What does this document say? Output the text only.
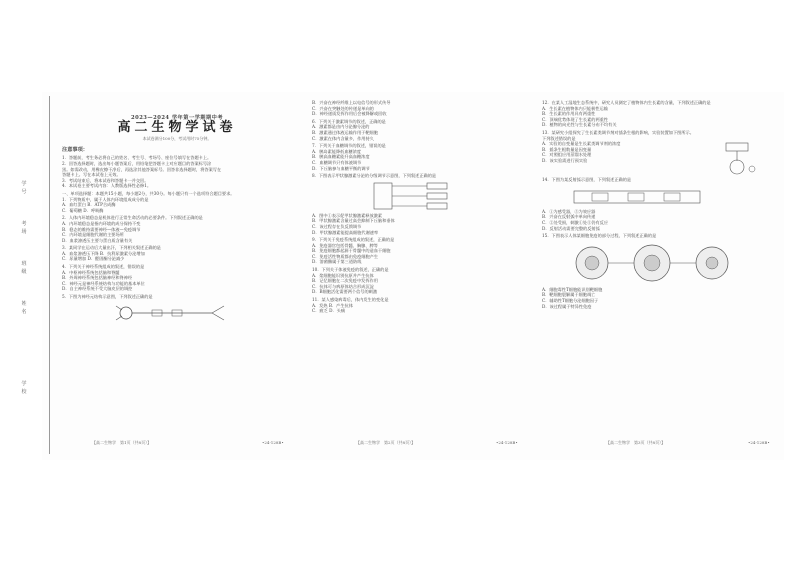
学
号
考
场
班
级
姓
名
学
校
2023—2024 学年第一学期期中考
高二生物学试卷
本试卷满分100分，考试用时75分钟。
注意事项：
1．答题前，考生务必将自己的姓名、考生号、考场号、座位号填写在答题卡上。
2．回答选择题时，选出每小题答案后，用铅笔把答题卡上对应题目的答案标号涂
黑。如需改动，用橡皮擦干净后，再选涂其他答案标号。回答非选择题时，将答案写在
答题卡上。写在本试卷上无效。
3．考试结束后，将本试卷和答题卡一并交回。
4．本试卷主要考试内容：人教版选择性必修1。
一、单项选择题：本题共15小题，每小题2分，共30分。每小题只有一个选项符合题目要求。
1．下列物质中，属于人体内环境组成成分的是
A．血红蛋白 B．ATP合成酶
C．葡萄糖 D．呼吸酶
2．人体内环境稳态是机体进行正常生命活动的必要条件。下列叙述正确的是
A．内环境稳态是指内环境的成分保持不变
B．稳态的维持需要神经—体液—免疫调节
C．内环境是细胞代谢的主要场所
D．血浆渗透压主要与蛋白质含量有关
3．某同学在运动后大量出汗，下列相关叙述正确的是
A．血浆渗透压下降 B．抗利尿激素分泌增加
C．尿量增加 D．醛固酮分泌减少
4．下列关于神经系统组成的叙述，错误的是
A．中枢神经系统包括脑和脊髓
B．外周神经系统包括脑神经和脊神经
C．神经元是神经系统结构与功能的基本单位
D．自主神经系统不受大脑皮层的调控
5．下图为神经元结构示意图，下列叙述正确的是
B．兴奋在神经纤维上以电信号的形式传导
C．兴奋在突触处的传递是单向的
D．神经递质发挥作用后会被降解或回收
6．下列关于激素调节的叙述，正确的是
A．激素都是由内分泌腺分泌的
B．激素通过体液运输作用于靶细胞
C．激素在体内含量多，作用持久
7．下列关于血糖调节的叙述，错误的是
A．胰岛素能降低血糖浓度
B．胰高血糖素能升高血糖浓度
C．血糖调节只有体液调节
D．下丘脑参与血糖平衡的调节
8．下图表示甲状腺激素分泌的分级调节示意图，下列叙述正确的是
A．图中①表示促甲状腺激素释放激素
B．甲状腺激素含量过高会抑制下丘脑和垂体
C．该过程存在负反馈调节
D．甲状腺激素能提高细胞代谢速率
9．下列关于免疫系统组成的叙述，正确的是
A．免疫器官包括骨髓、胸腺、脾等
B．免疫细胞都起源于骨髓中的造血干细胞
C．免疫活性物质都由免疫细胞产生
D．溶菌酶属于第三道防线
10．下列关于体液免疫的叙述，正确的是
A．浆细胞能识别抗原并产生抗体
B．记忆细胞在二次免疫中发挥作用
C．抗体可与病原体结合形成沉淀
D．B细胞活化需要两个信号的刺激
11．某人感染病毒后，体内发生的变化是
A．发热 B．产生抗体
C．疲乏 D．头痛
12．在某人工湿地生态系统中，研究人员测定了植物体内生长素的含量，下列叙述正确的是
A．生长素在植物体内只能极性运输
B．生长素的作用具有两重性
C．顶端优势体现了生长素的两重性
D．植物的向光性与生长素分布不均有关
13．某研究小组探究了生长素类调节剂对插条生根的影响，实验装置如下图所示。
下列叙述错误的是
A．实验的自变量是生长素类调节剂的浓度
B．插条生根数量是因变量
C．对照组应用蒸馏水处理
D．该实验需进行预实验
14．下图为某反射弧示意图，下列叙述正确的是
A．①为感受器，⑤为效应器
B．兴奋在反射弧中单向传递
C．②处受损，刺激①处⑤仍有反应
D．反射活动需要完整的反射弧
15．下图表示人体某细胞免疫的部分过程，下列叙述正确的是
A．细胞毒性T细胞能识别靶细胞
B．靶细胞裂解属于细胞凋亡
C．辅助性T细胞分泌细胞因子
D．该过程属于特异性免疫
【高二生物学　第1页（共8页）】	•24-128B•	【高二生物学　第2页（共8页）】	•24-128B•	【高二生物学　第3页（共8页）】	•24-128B•
